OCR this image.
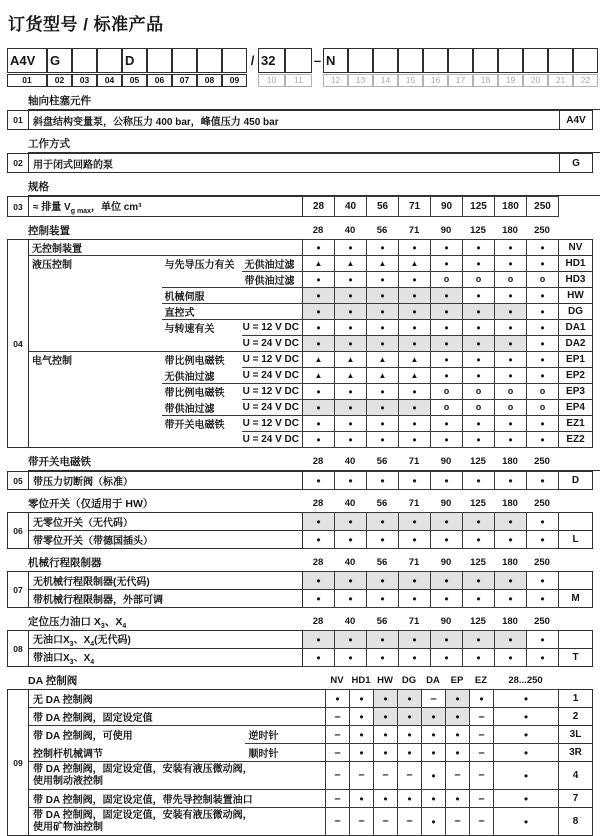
订货型号 / 标准产品
A4V G	D	/ 32	– N
01	02	03	04	05	06	07	08	09	10	11	12	13	14	15	16	17	18	19	20	21	22
轴向柱塞元件
01	斜盘结构变量泵，公称压力 400 bar，峰值压力 450 bar	A4V
工作方式
02	用于闭式回路的泵	G
规格
03	≈ 排量 $V_{g max}$，单位 cm³	28	40	56	71	90	125	180	250	
控制装置	28	40	56	71	90	125	180	250
04	无控制装置			●	●	●	●	●	●	●	●	NV
	液压控制	与先导压力有关	无供油过滤	▲	▲	▲	▲	●	●	●	●	HD1
			带供油过滤	●	●	●	●	o	o	o	o	HD3
		机械伺服		●	●	●	●	●	●	●	●	HW
		直控式		●	●	●	●	●	●	●	●	DG
		与转速有关	U = 12 V DC	●	●	●	●	●	●	●	●	DA1
			U = 24 V DC	●	●	●	●	●	●	●	●	DA2
	电气控制	带比例电磁铁	U = 12 V DC	▲	▲	▲	▲	●	●	●	●	EP1
		无供油过滤	U = 24 V DC	▲	▲	▲	▲	●	●	●	●	EP2
		带比例电磁铁	U = 12 V DC	●	●	●	●	o	o	o	o	EP3
		带供油过滤	U = 24 V DC	●	●	●	●	o	o	o	o	EP4
		带开关电磁铁	U = 12 V DC	●	●	●	●	●	●	●	●	EZ1
			U = 24 V DC	●	●	●	●	●	●	●	●	EZ2
带开关电磁铁	28	40	56	71	90	125	180	250
05	带压力切断阀（标准）	●	●	●	●	●	●	●	●	D
零位开关（仅适用于 HW）	28	40	56	71	90	125	180	250
06	无零位开关（无代码）	●	●	●	●	●	●	●	●	
	带零位开关（带德国插头）	●	●	●	●	●	●	●	●	L
机械行程限制器	28	40	56	71	90	125	180	250
07	无机械行程限制器(无代码)	●	●	●	●	●	●	●	●	
	带机械行程限制器，外部可调	●	●	●	●	●	●	●	●	M
定位压力油口 $X_3$、$X_4$	28	40	56	71	90	125	180	250
08	无油口$X_3$、$X_4$(无代码)	●	●	●	●	●	●	●	●	
	带油口$X_3$、$X_4$	●	●	●	●	●	●	●	●	T
DA 控制阀	NV HD1 HW DG	DA	EP	EZ	28...250
09	无 DA 控制阀		●	●	●	●	–	●	●	●	1
	带 DA 控制阀，固定设定值		–	●	●	●	●	●	–	●	2
	带 DA 控制阀，可使用	逆时针	–	●	●	●	●	●	–	●	3L
	控制杆机械调节	顺时针	–	●	●	●	●	●	–	●	3R
	带 DA 控制阀，固定设定值，安装有液压微动阀，
使用制动液控制		–	–	–	–	●	–	–	●	4
	带 DA 控制阀，固定设定值，带先导控制装置油口		–	●	●	●	●	●	–	●	7
	带 DA 控制阀，固定设定值，安装有液压微动阀，
使用矿物油控制		–	–	–	–	●	–	–	●	8
